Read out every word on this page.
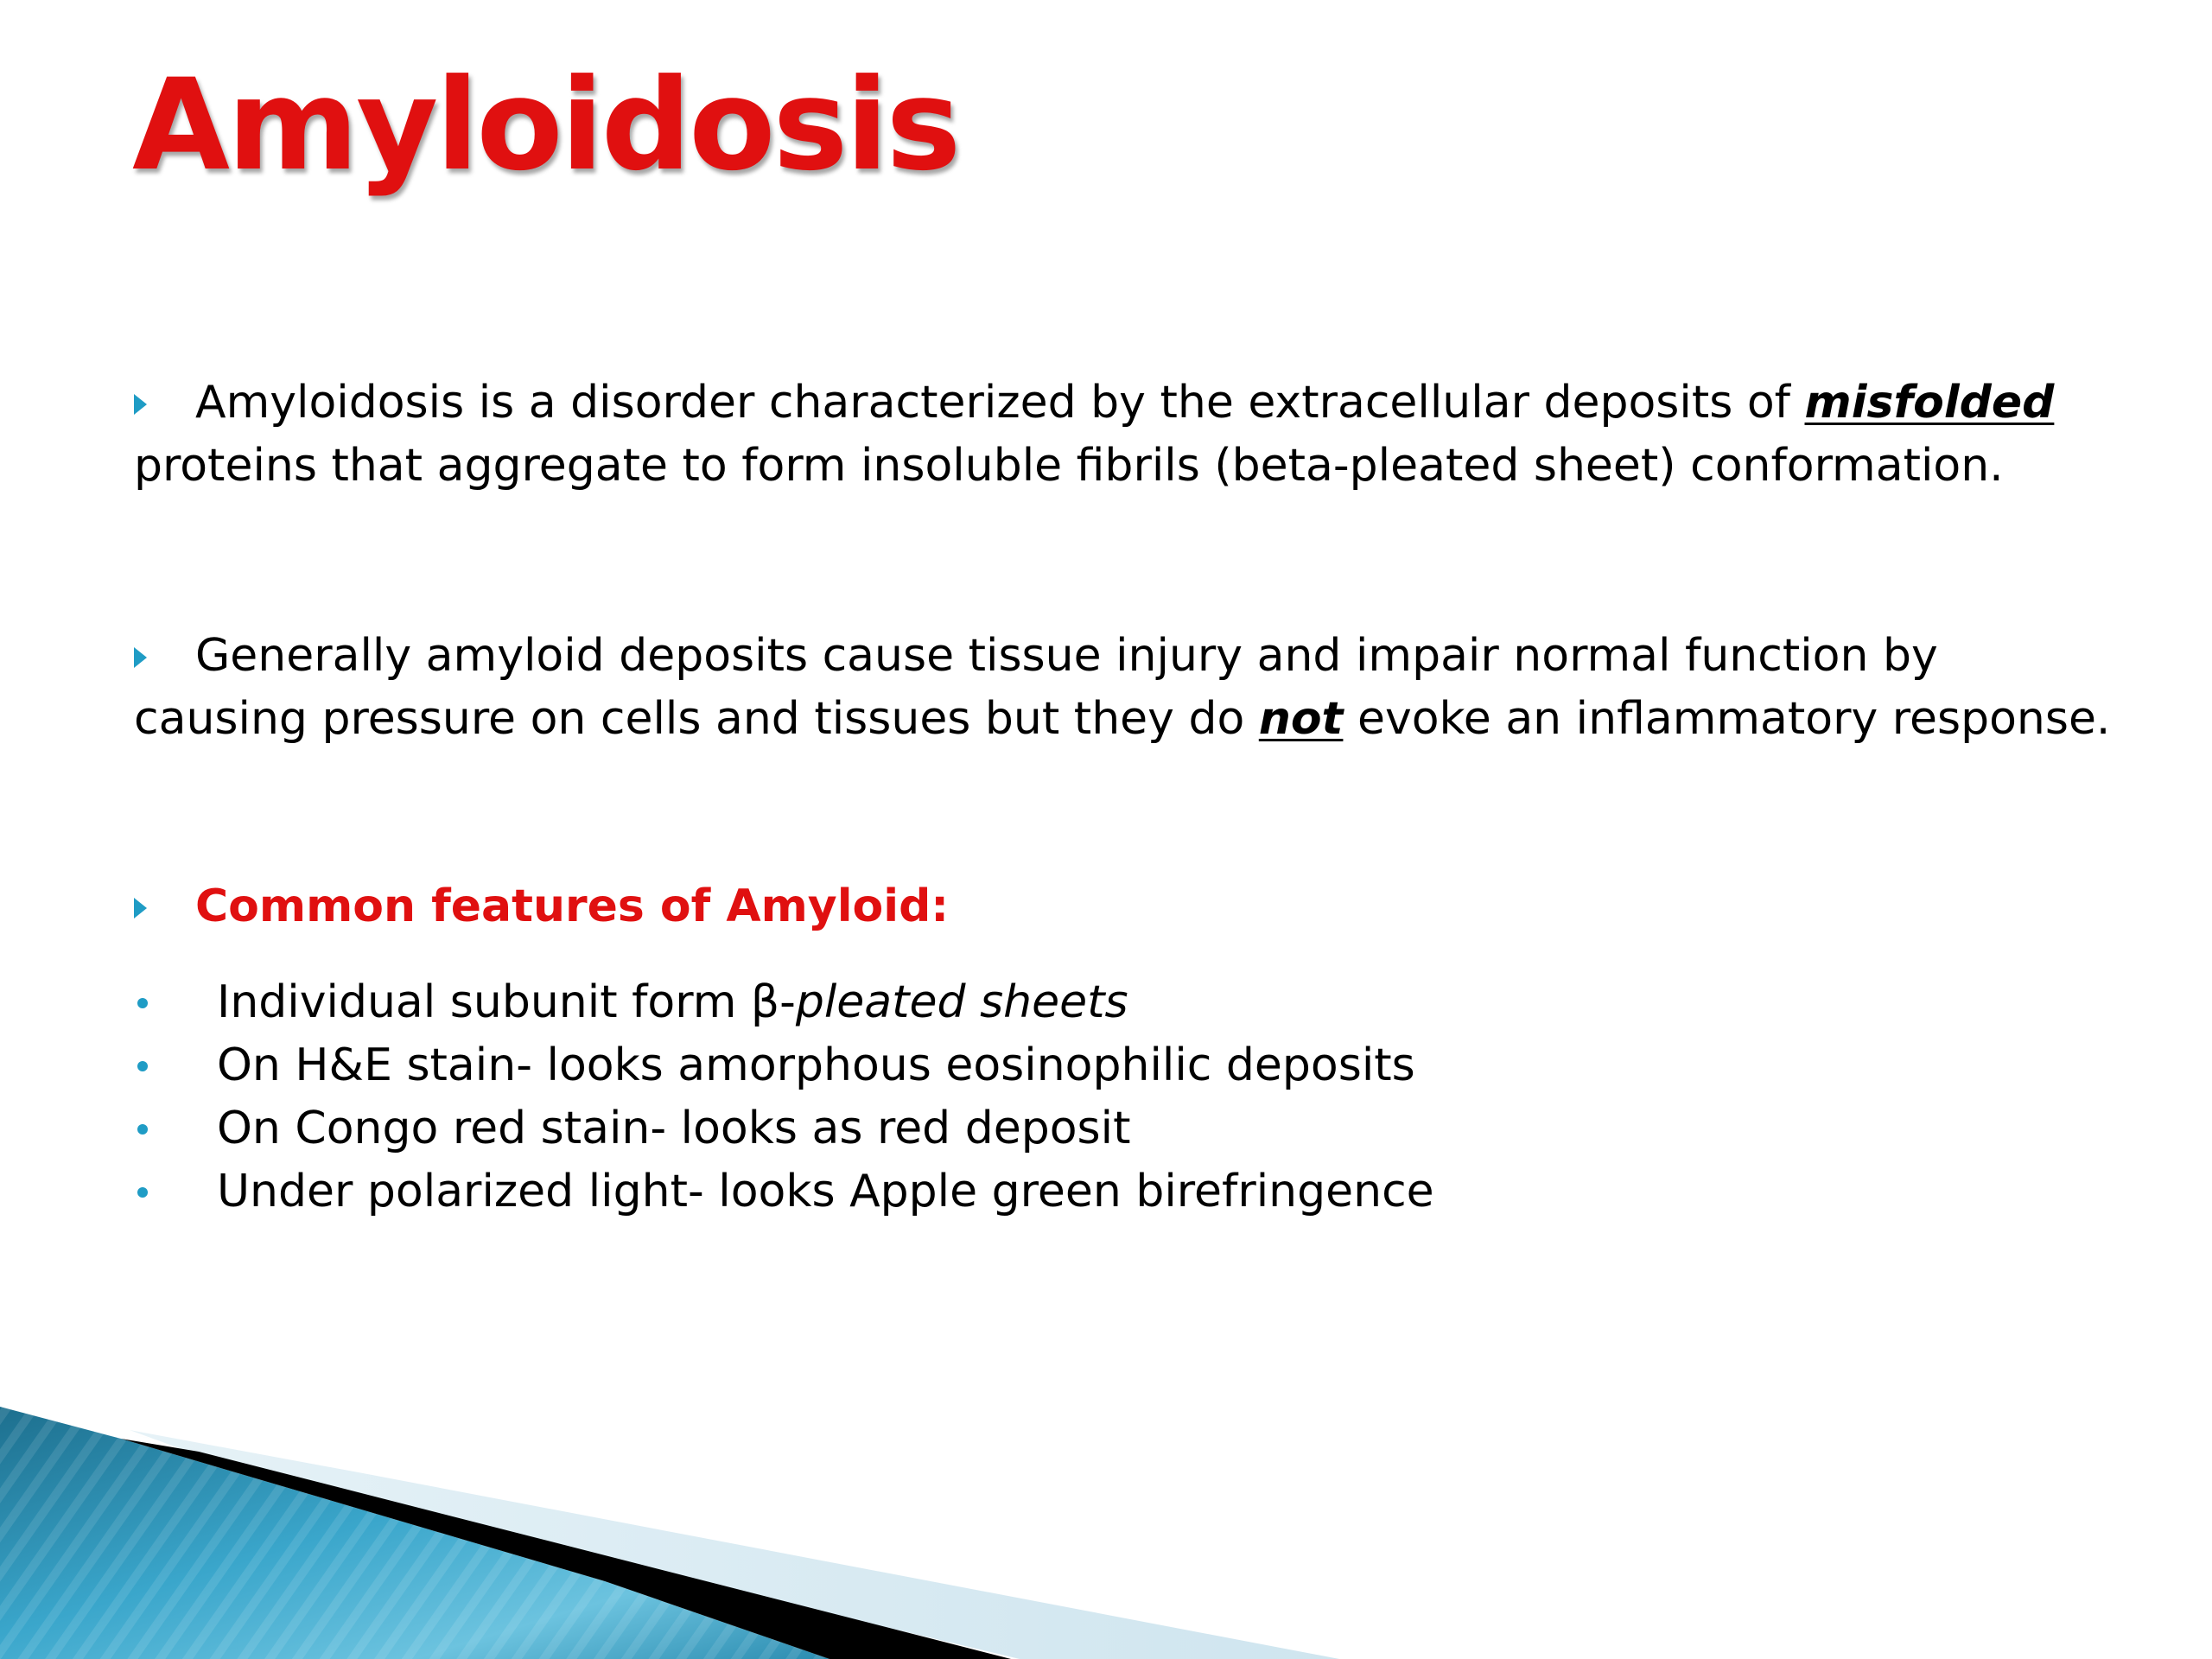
Amyloidosis

Amyloidosis is a disorder characterized by the extracellular deposits of misfolded proteins that aggregate to form insoluble fibrils (beta-pleated sheet) conformation.

Generally amyloid deposits cause tissue injury and impair normal function by causing pressure on cells and tissues but they do not evoke an inflammatory response.

Common features of Amyloid:

Individual subunit form β-pleated sheets
On H&E stain- looks amorphous eosinophilic deposits
On Congo red stain- looks as red deposit
Under polarized light- looks Apple green birefringence
